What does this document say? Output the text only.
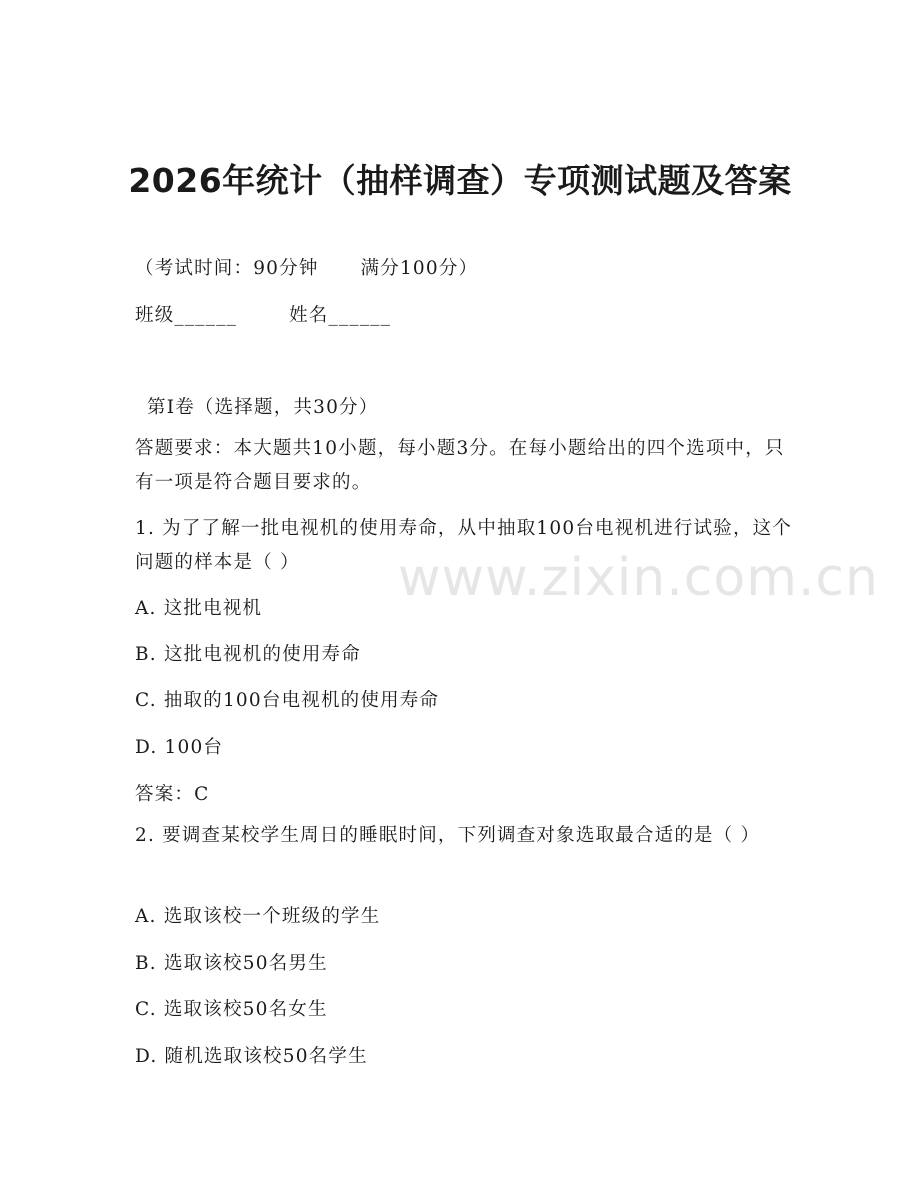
www.zixin.com.cn
2026年统计（抽样调查）专项测试题及答案
（考试时间：90分钟 满分100分）
班级______	姓名______
第I卷（选择题，共30分）
答题要求：本大题共10小题，每小题3分。在每小题给出的四个选项中，只有一项是符合题目要求的。
1. 为了了解一批电视机的使用寿命，从中抽取100台电视机进行试验，这个问题的样本是（ ）
A. 这批电视机
B. 这批电视机的使用寿命
C. 抽取的100台电视机的使用寿命
D. 100台
答案：C
2. 要调查某校学生周日的睡眠时间，下列调查对象选取最合适的是（ ）
A. 选取该校一个班级的学生
B. 选取该校50名男生
C. 选取该校50名女生
D. 随机选取该校50名学生
